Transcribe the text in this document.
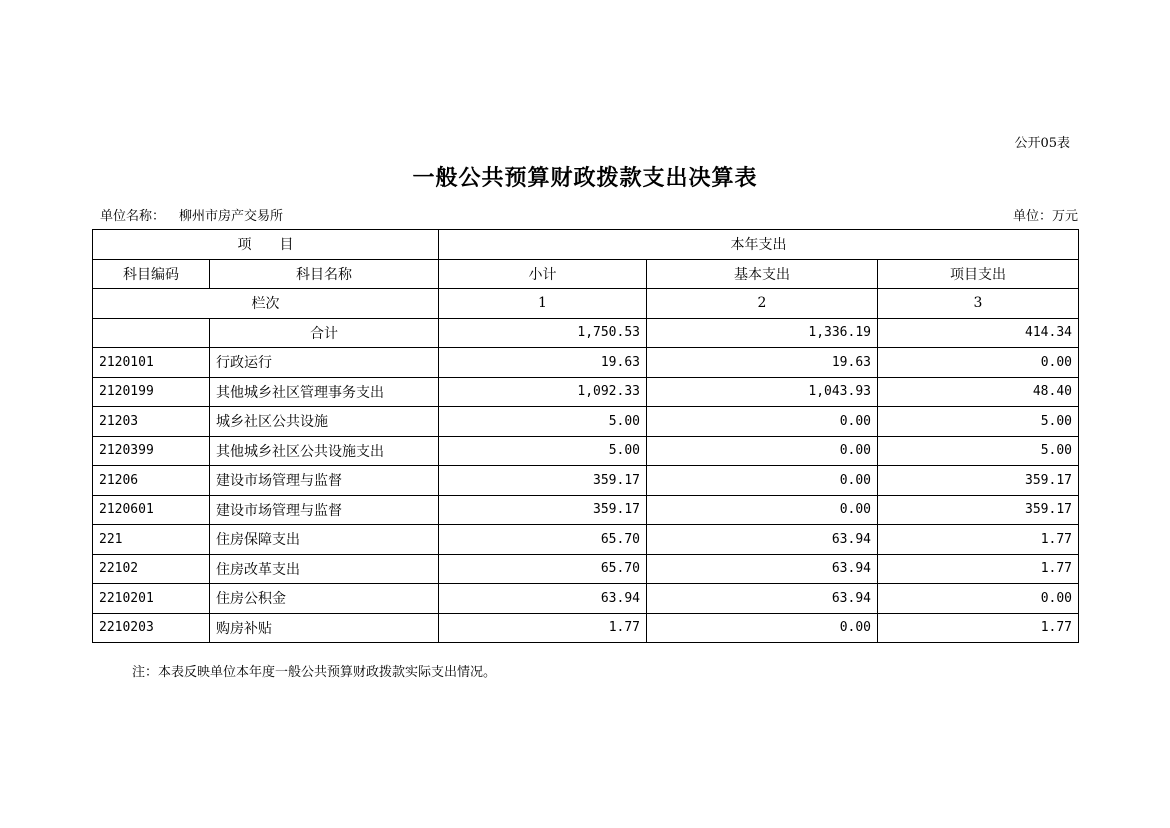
公开05表
一般公共预算财政拨款支出决算表
单位名称： 柳州市房产交易所	单位：万元
项　　目		本年支出		
科目编码	科目名称	小计	基本支出	项目支出
栏次		1	2	3
	合计	1,750.53	1,336.19	414.34
2120101	行政运行	19.63	19.63	0.00
2120199	其他城乡社区管理事务支出	1,092.33	1,043.93	48.40
21203	城乡社区公共设施	5.00	0.00	5.00
2120399	其他城乡社区公共设施支出	5.00	0.00	5.00
21206	建设市场管理与监督	359.17	0.00	359.17
2120601	建设市场管理与监督	359.17	0.00	359.17
221	住房保障支出	65.70	63.94	1.77
22102	住房改革支出	65.70	63.94	1.77
2210201	住房公积金	63.94	63.94	0.00
2210203	购房补贴	1.77	0.00	1.77
注：本表反映单位本年度一般公共预算财政拨款实际支出情况。
